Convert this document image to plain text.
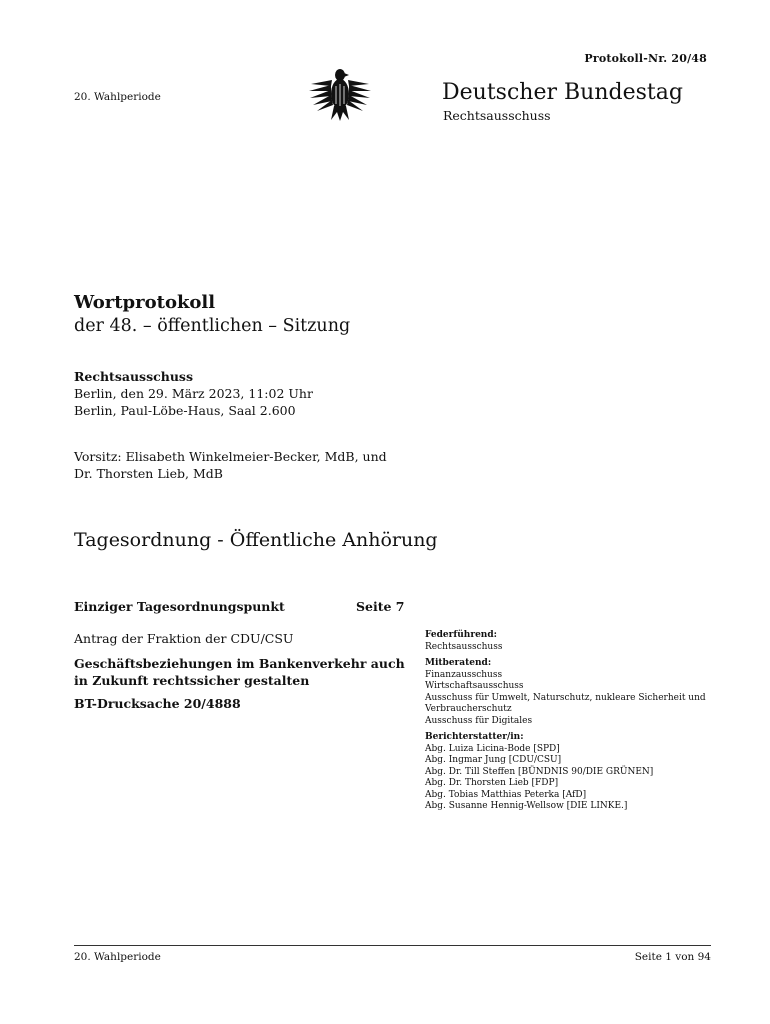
Protokoll-Nr. 20/48
20. Wahlperiode	Deutscher Bundestag
Rechtsausschuss
Wortprotokoll
der 48. – öffentlichen – Sitzung
Rechtsausschuss
Berlin, den 29. März 2023, 11:02 Uhr
Berlin, Paul-Löbe-Haus, Saal 2.600
Vorsitz: Elisabeth Winkelmeier-Becker, MdB, und
Dr. Thorsten Lieb, MdB
Tagesordnung - Öffentliche Anhörung
Einziger Tagesordnungspunkt	Seite 7
Antrag der Fraktion der CDU/CSU
Geschäftsbeziehungen im Bankenverkehr auch in Zukunft rechtssicher gestalten
BT-Drucksache 20/4888
Federführend:
Rechtsausschuss
Mitberatend:
Finanzausschuss
Wirtschaftsausschuss
Ausschuss für Umwelt, Naturschutz, nukleare Sicherheit und Verbraucherschutz
Ausschuss für Digitales
Berichterstatter/in:
Abg. Luiza Licina-Bode [SPD]
Abg. Ingmar Jung [CDU/CSU]
Abg. Dr. Till Steffen [BÜNDNIS 90/DIE GRÜNEN]
Abg. Dr. Thorsten Lieb [FDP]
Abg. Tobias Matthias Peterka [AfD]
Abg. Susanne Hennig-Wellsow [DIE LINKE.]
20. Wahlperiode	Seite 1 von 94
